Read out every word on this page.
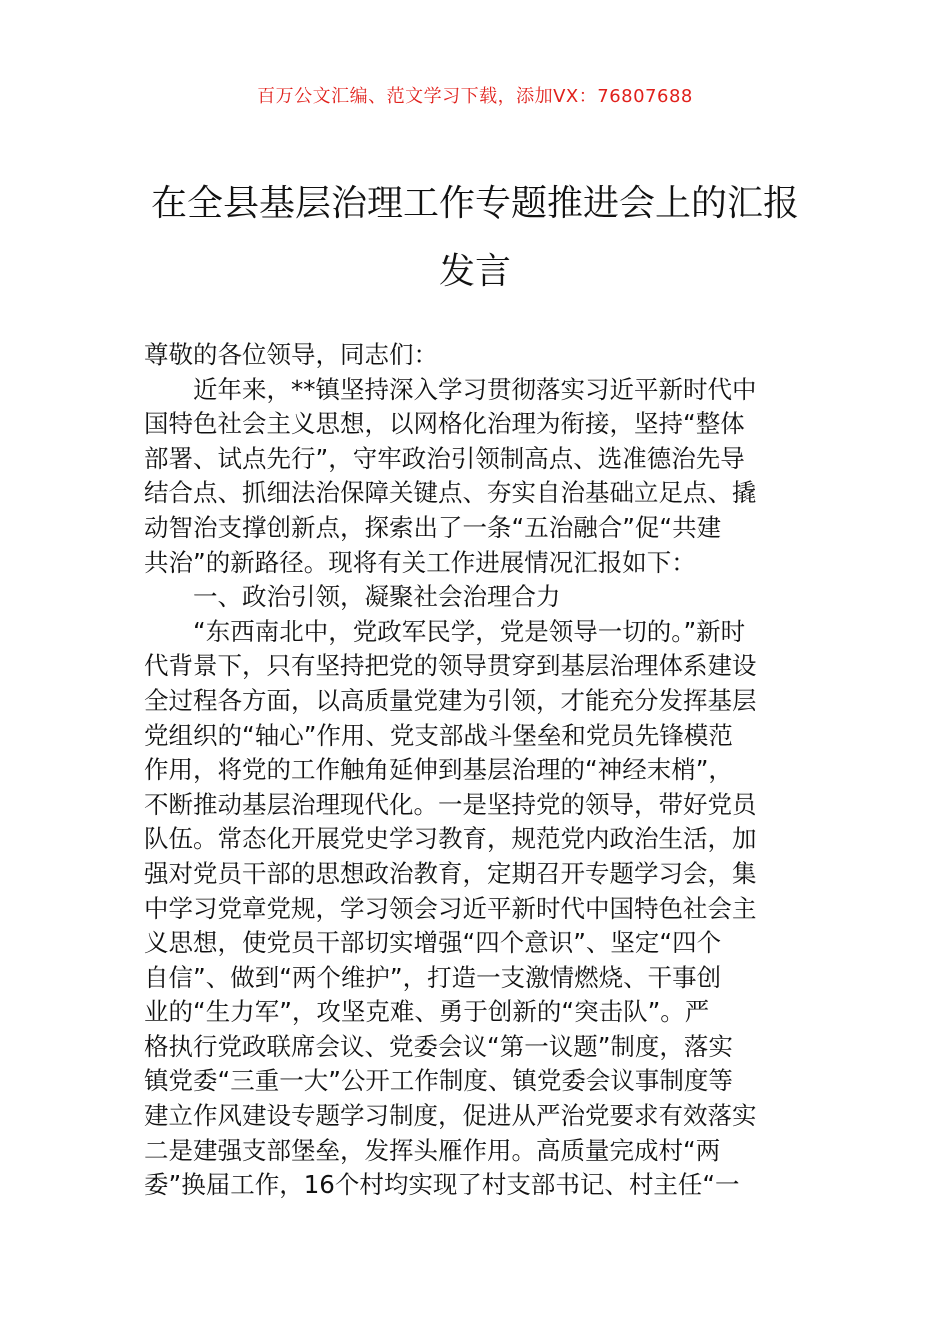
百万公文汇编、范文学习下载，添加VX：76807688
在全县基层治理工作专题推进会上的汇报
发言
尊敬的各位领导，同志们：
　　近年来，**镇坚持深入学习贯彻落实习近平新时代中
国特色社会主义思想，以网格化治理为衔接，坚持“整体
部署、试点先行”，守牢政治引领制高点、选准德治先导
结合点、抓细法治保障关键点、夯实自治基础立足点、撬
动智治支撑创新点，探索出了一条“五治融合”促“共建
共治”的新路径。现将有关工作进展情况汇报如下：
　　一、政治引领，凝聚社会治理合力
　　“东西南北中，党政军民学，党是领导一切的。”新时
代背景下，只有坚持把党的领导贯穿到基层治理体系建设
全过程各方面，以高质量党建为引领，才能充分发挥基层
党组织的“轴心”作用、党支部战斗堡垒和党员先锋模范
作用，将党的工作触角延伸到基层治理的“神经末梢”，
不断推动基层治理现代化。一是坚持党的领导，带好党员
队伍。常态化开展党史学习教育，规范党内政治生活，加
强对党员干部的思想政治教育，定期召开专题学习会，集
中学习党章党规，学习领会习近平新时代中国特色社会主
义思想，使党员干部切实增强“四个意识”、坚定“四个
自信”、做到“两个维护”，打造一支激情燃烧、干事创
业的“生力军”，攻坚克难、勇于创新的“突击队”。严
格执行党政联席会议、党委会议“第一议题”制度，落实
镇党委“三重一大”公开工作制度、镇党委会议事制度等
建立作风建设专题学习制度，促进从严治党要求有效落实
二是建强支部堡垒，发挥头雁作用。高质量完成村“两
委”换届工作，16个村均实现了村支部书记、村主任“一
